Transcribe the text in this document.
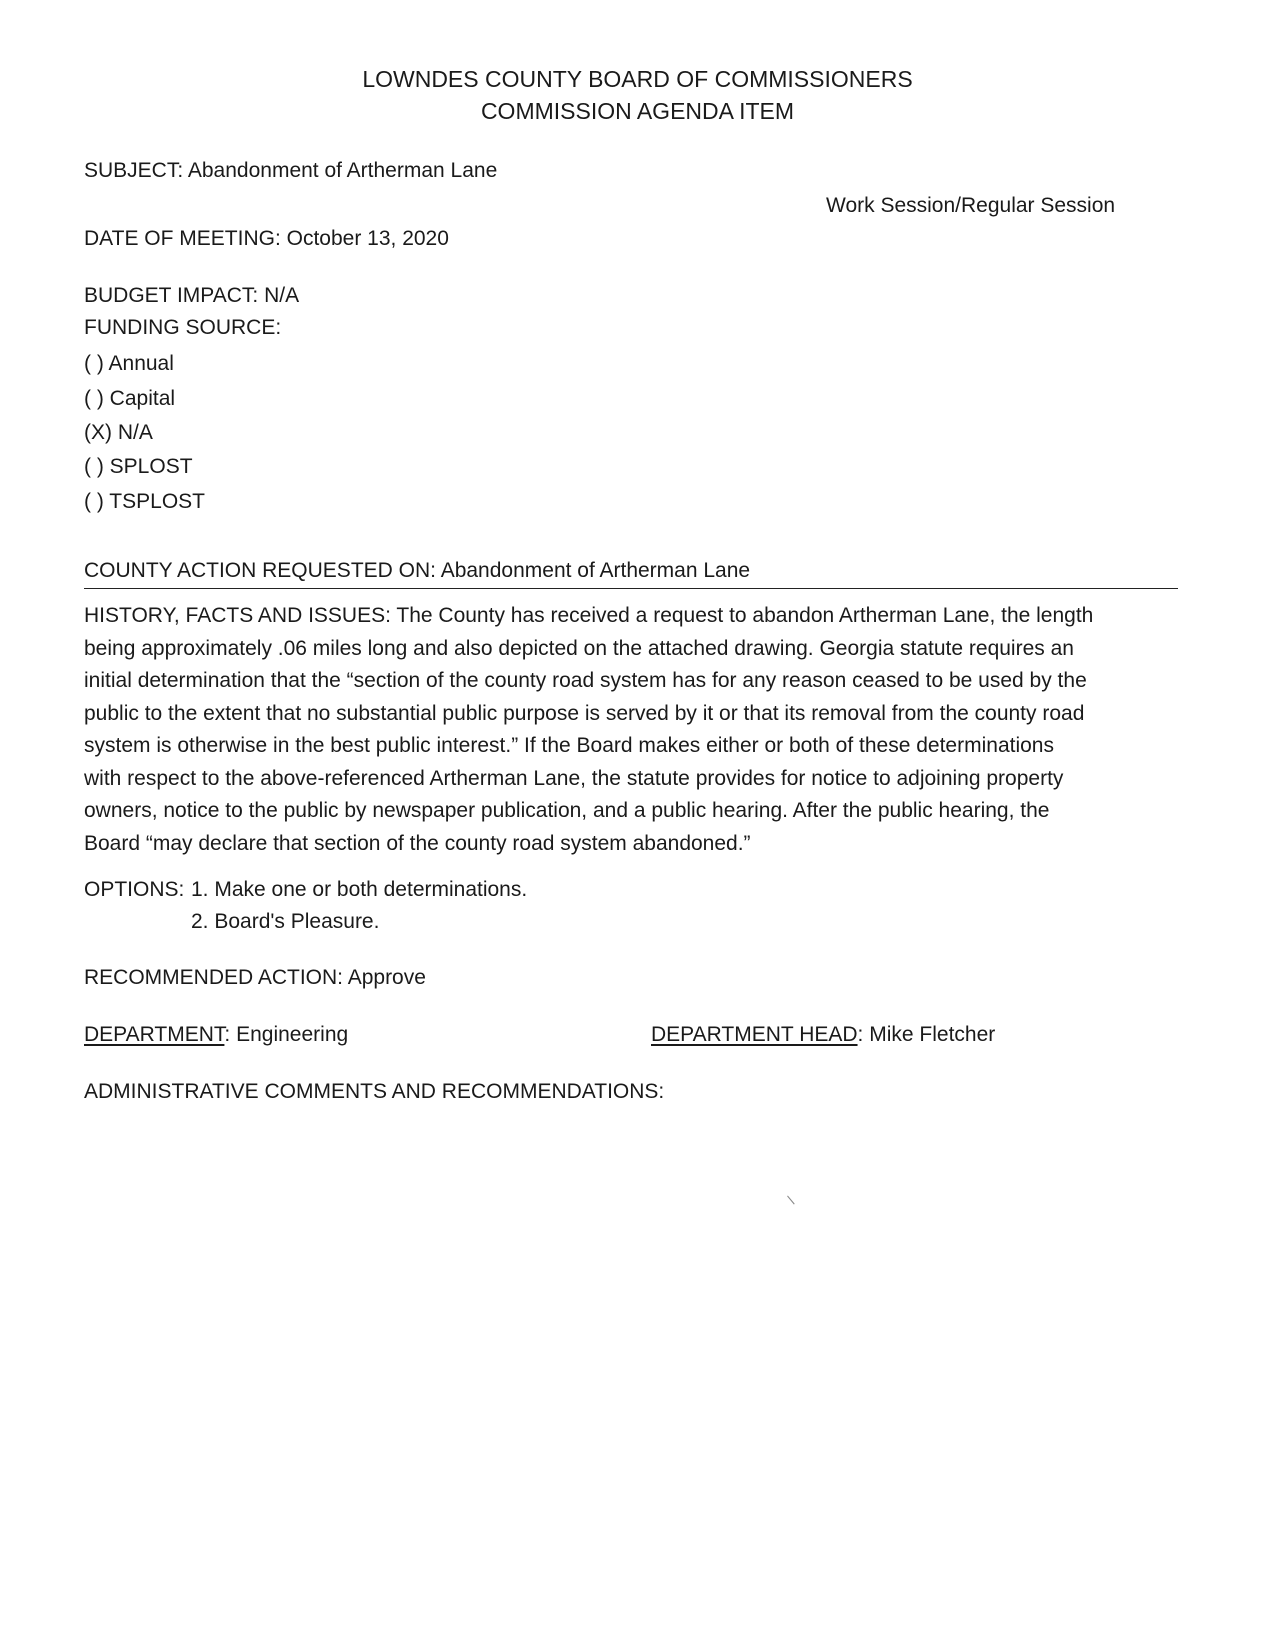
LOWNDES COUNTY BOARD OF COMMISSIONERS
COMMISSION AGENDA ITEM
SUBJECT: Abandonment of Artherman Lane
Work Session/Regular Session
DATE OF MEETING: October 13, 2020
BUDGET IMPACT: N/A
FUNDING SOURCE:
( ) Annual
( ) Capital
(X) N/A
( ) SPLOST
( ) TSPLOST
COUNTY ACTION REQUESTED ON: Abandonment of Artherman Lane
HISTORY, FACTS AND ISSUES: The County has received a request to abandon Artherman Lane, the length
being approximately .06 miles long and also depicted on the attached drawing. Georgia statute requires an
initial determination that the “section of the county road system has for any reason ceased to be used by the
public to the extent that no substantial public purpose is served by it or that its removal from the county road
system is otherwise in the best public interest.” If the Board makes either or both of these determinations
with respect to the above-referenced Artherman Lane, the statute provides for notice to adjoining property
owners, notice to the public by newspaper publication, and a public hearing. After the public hearing, the
Board “may declare that section of the county road system abandoned.”
OPTIONS: 1. Make one or both determinations.
2. Board's Pleasure.
RECOMMENDED ACTION: Approve
DEPARTMENT: Engineering	DEPARTMENT HEAD: Mike Fletcher
ADMINISTRATIVE COMMENTS AND RECOMMENDATIONS:
/
